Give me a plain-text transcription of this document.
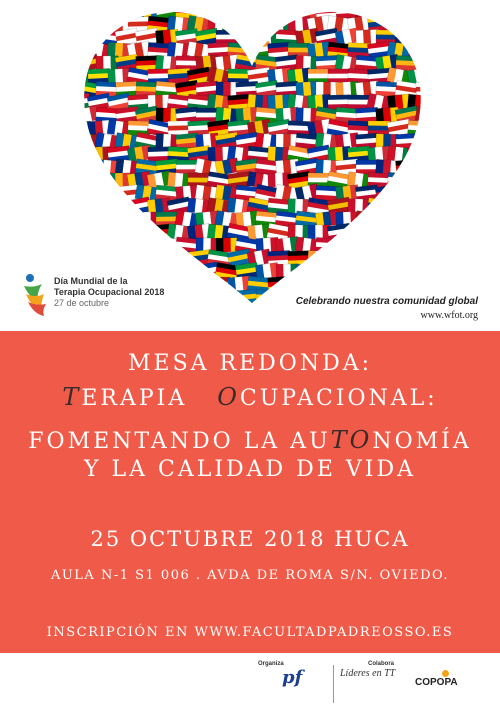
Día Mundial de la
Terapia Ocupacional 2018
27 de octubre	Celebrando nuestra comunidad global
www.wfot.org
MESA REDONDA:
TERAPIA   OCUPACIONAL:
FOMENTANDO LA AUTONOMÍA
Y LA CALIDAD DE VIDA
25 OCTUBRE 2018 HUCA
AULA N-1 S1 006 . AVDA DE ROMA S/N. OVIEDO.
INSCRIPCIÓN EN WWW.FACULTADPADREOSSO.ES
Organiza	Colabora
pf	Líderes en TT
COPOPA
